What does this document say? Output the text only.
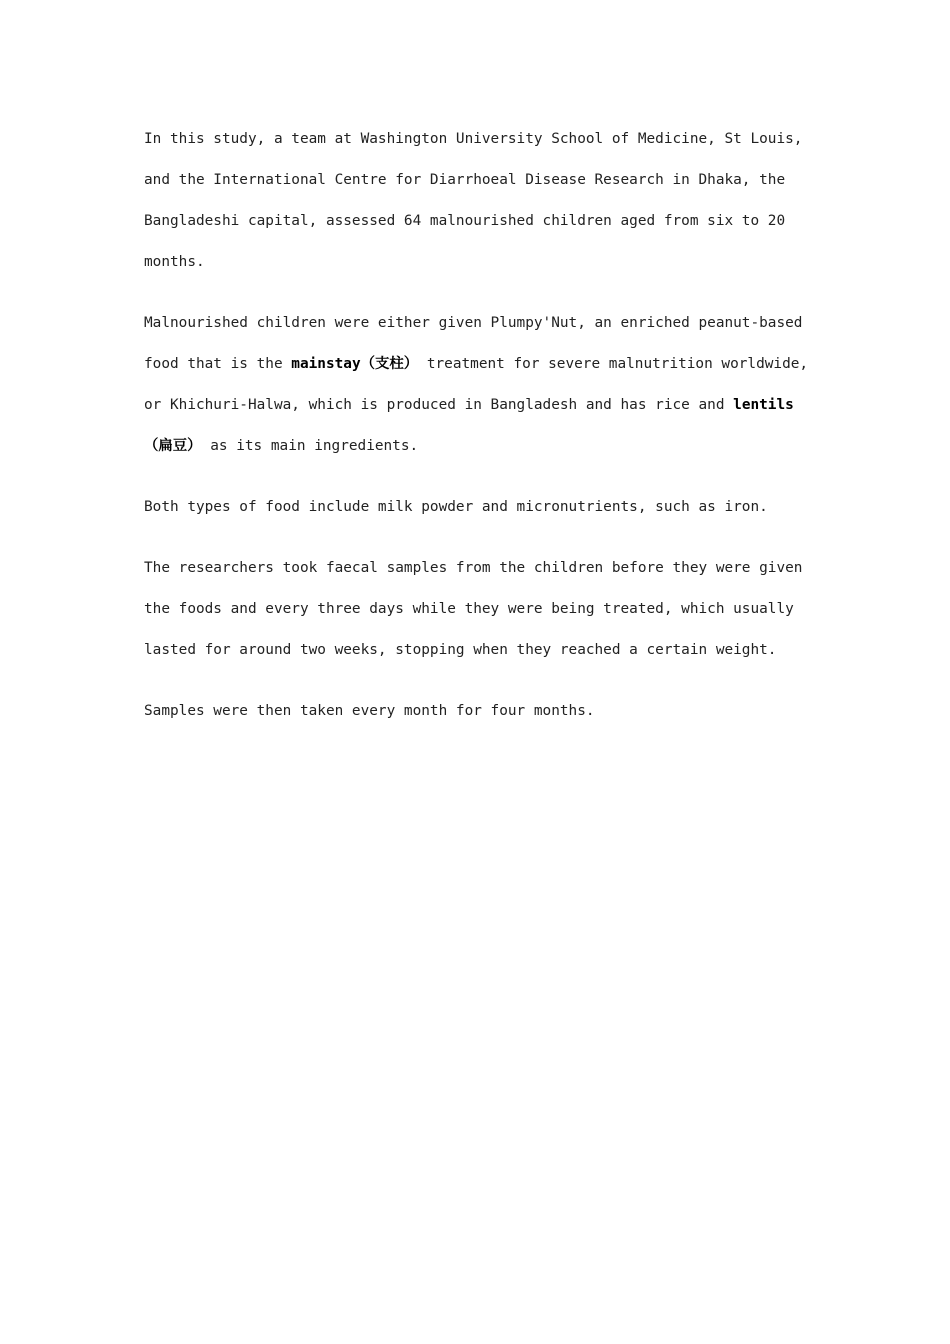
In this study, a team at Washington University School of Medicine, St Louis,
and the International Centre for Diarrhoeal Disease Research in Dhaka, the
Bangladeshi capital, assessed 64 malnourished children aged from six to 20
months.

Malnourished children were either given Plumpy'Nut, an enriched peanut-based
food that is the mainstay（支柱） treatment for severe malnutrition worldwide,
or Khichuri-Halwa, which is produced in Bangladesh and has rice and lentils
（扁豆） as its main ingredients.

Both types of food include milk powder and micronutrients, such as iron.

The researchers took faecal samples from the children before they were given
the foods and every three days while they were being treated, which usually
lasted for around two weeks, stopping when they reached a certain weight.

Samples were then taken every month for four months.
